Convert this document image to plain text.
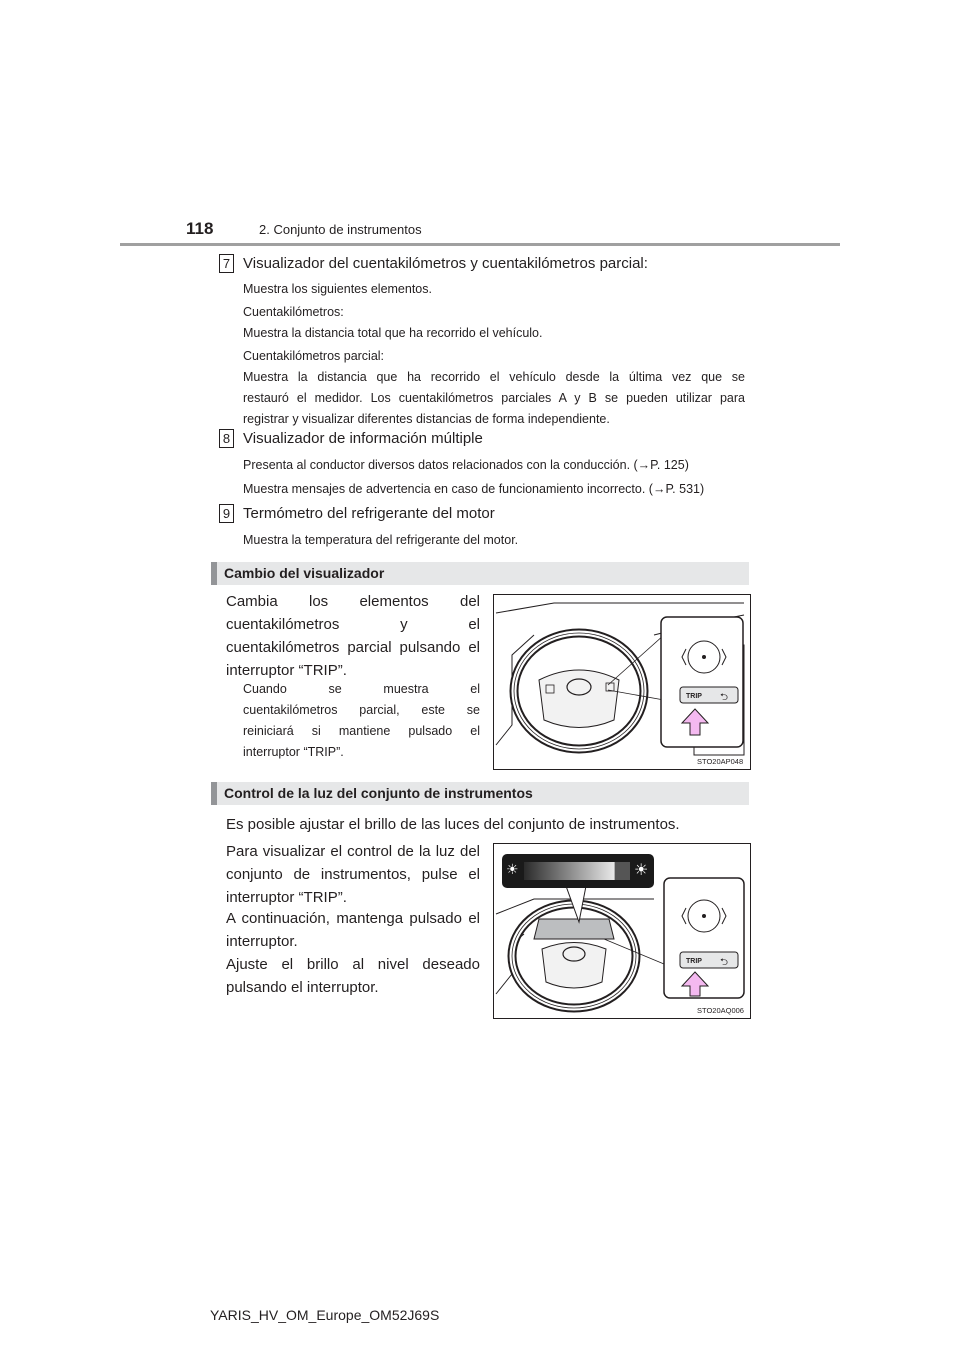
118	2. Conjunto de instrumentos
7 Visualizador del cuentakilómetros y cuentakilómetros parcial:
Muestra los siguientes elementos.
Cuentakilómetros:
Muestra la distancia total que ha recorrido el vehículo.
Cuentakilómetros parcial:
Muestra la distancia que ha recorrido el vehículo desde la última vez que se
restauró el medidor. Los cuentakilómetros parciales A y B se pueden utilizar para
registrar y visualizar diferentes distancias de forma independiente.
8 Visualizador de información múltiple
Presenta al conductor diversos datos relacionados con la conducción. (→P. 125)
Muestra mensajes de advertencia en caso de funcionamiento incorrecto. (→P. 531)
9 Termómetro del refrigerante del motor
Muestra la temperatura del refrigerante del motor.
Cambio del visualizador
Cambia los elementos del
cuentakilómetros y el
cuentakilómetros parcial pulsando el
interruptor “TRIP”.
Cuando se muestra el
cuentakilómetros parcial, este se
reiniciará si mantiene pulsado el
interruptor “TRIP”.
TRIP ⮌
STO20AP048
Control de la luz del conjunto de instrumentos
Es posible ajustar el brillo de las luces del conjunto de instrumentos.
Para visualizar el control de la luz del
conjunto de instrumentos, pulse el
interruptor “TRIP”.
A continuación, mantenga pulsado el
interruptor.
Ajuste el brillo al nivel deseado
pulsando el interruptor.
☀	☀
TRIP ⮌
STO20AQ006
YARIS_HV_OM_Europe_OM52J69S
